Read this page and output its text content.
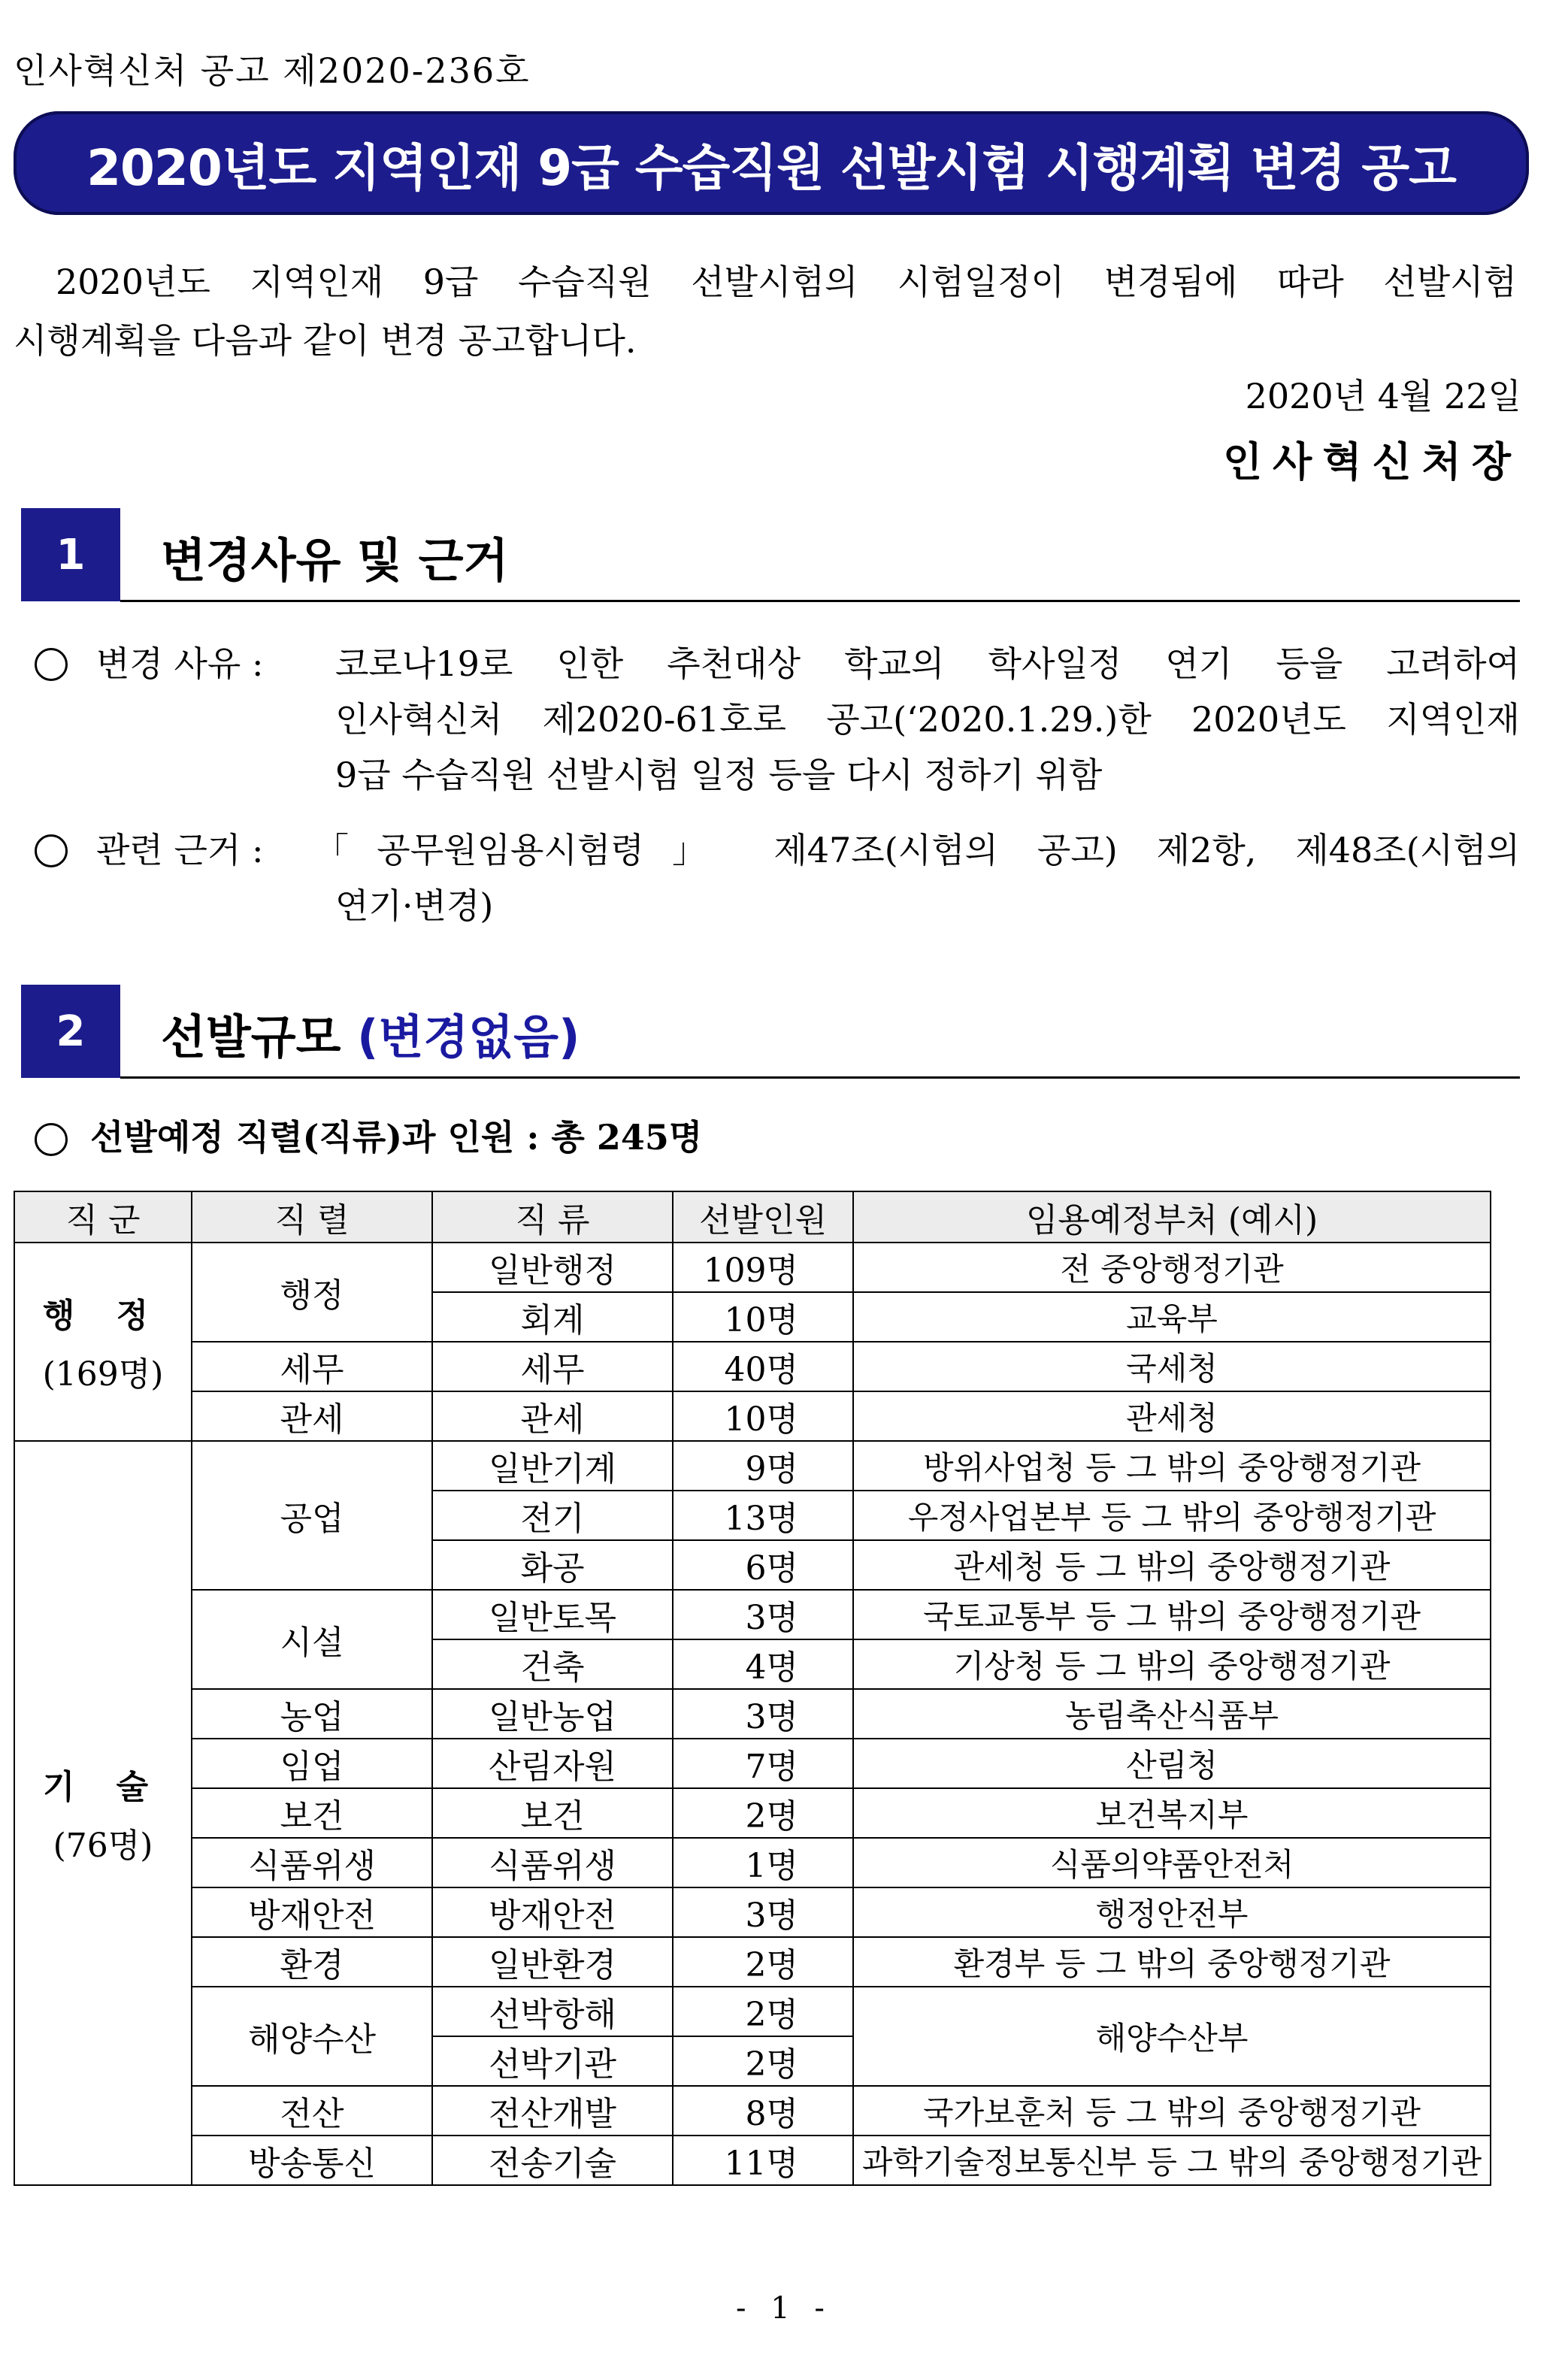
인사혁신처 공고 제2020-236호
2020년도 지역인재 9급 수습직원 선발시험 시행계획 변경 공고
2020년도 지역인재 9급 수습직원 선발시험의 시험일정이 변경됨에 따라 선발시험
시행계획을 다음과 같이 변경 공고합니다.
2020년 4월 22일
인사혁신처장
1	변경사유 및 근거
변경 사유 : 코로나19로 인한 추천대상 학교의 학사일정 연기 등을 고려하여
인사혁신처 제2020-61호로 공고(‘2020.1.29.)한 2020년도 지역인재
9급 수습직원 선발시험 일정 등을 다시 정하기 위함
관련 근거 : 「공무원임용시험령」 제47조(시험의 공고) 제2항, 제48조(시험의
연기·변경)
2	선발규모 (변경없음)
선발예정 직렬(직류)과 인원 : 총 245명
직 군	직 렬	직 류	선발인원	임용예정부처 (예시)

행 정
(169명)	행정	일반행정	109명	전 중앙행정기관
		회계	10명	교육부
	세무	세무	40명	국세청
	관세	관세	10명	관세청

기 술
(76명)	공업	일반기계	9명	방위사업청 등 그 밖의 중앙행정기관
		전기	13명	우정사업본부 등 그 밖의 중앙행정기관
		화공	6명	관세청 등 그 밖의 중앙행정기관
	시설	일반토목	3명	국토교통부 등 그 밖의 중앙행정기관
		건축	4명	기상청 등 그 밖의 중앙행정기관
	농업	일반농업	3명	농림축산식품부
	임업	산림자원	7명	산림청
	보건	보건	2명	보건복지부
	식품위생	식품위생	1명	식품의약품안전처
	방재안전	방재안전	3명	행정안전부
	환경	일반환경	2명	환경부 등 그 밖의 중앙행정기관
	해양수산	선박항해	2명	해양수산부
		선박기관	2명	
	전산	전산개발	8명	국가보훈처 등 그 밖의 중앙행정기관
	방송통신	전송기술	11명	과학기술정보통신부 등 그 밖의 중앙행정기관
- 1 -
